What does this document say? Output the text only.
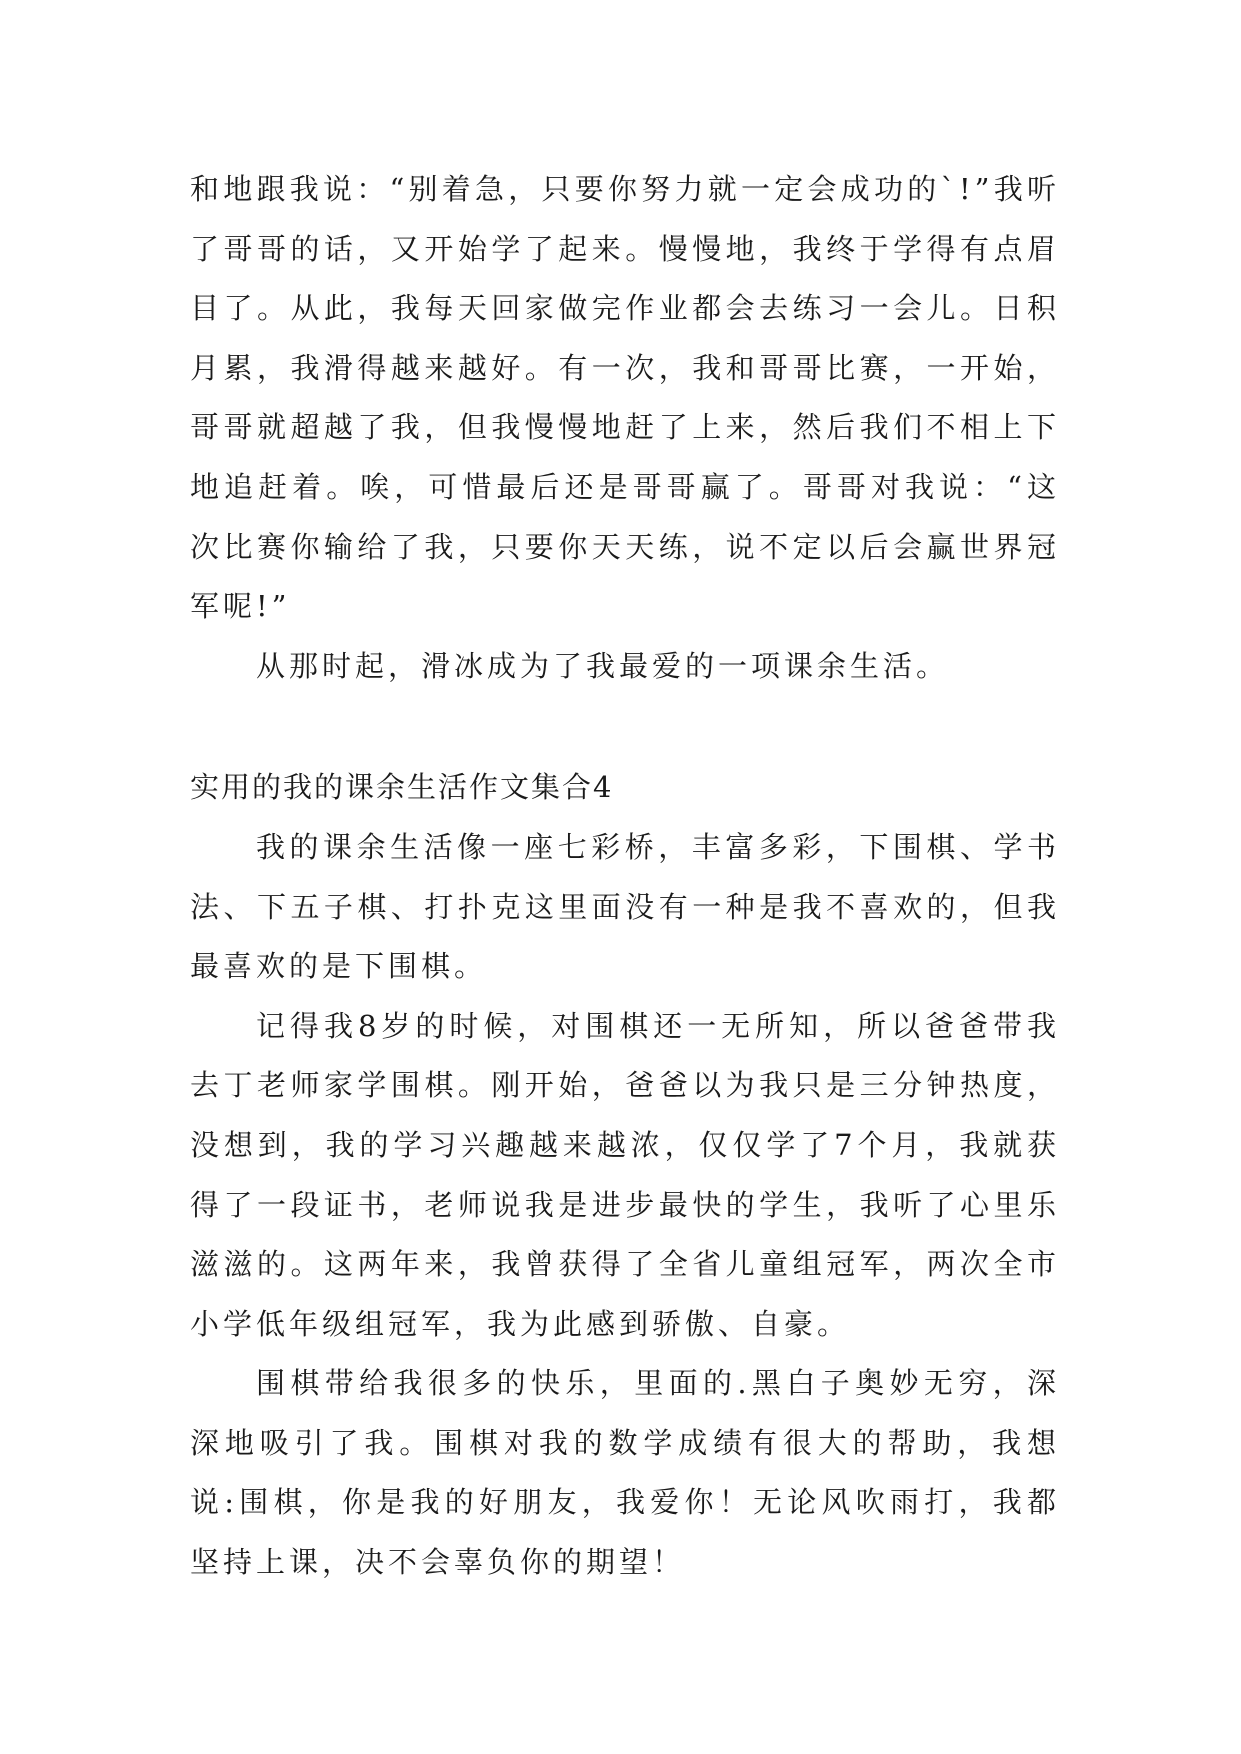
和地跟我说：“别着急，只要你努力就一定会成功的`!”我听了哥哥的话，又开始学了起来。慢慢地，我终于学得有点眉目了。从此，我每天回家做完作业都会去练习一会儿。日积月累，我滑得越来越好。有一次，我和哥哥比赛，一开始，哥哥就超越了我，但我慢慢地赶了上来，然后我们不相上下地追赶着。唉，可惜最后还是哥哥赢了。哥哥对我说：“这次比赛你输给了我，只要你天天练，说不定以后会赢世界冠军呢!”

从那时起，滑冰成为了我最爱的一项课余生活。

实用的我的课余生活作文集合4

我的课余生活像一座七彩桥，丰富多彩，下围棋、学书法、下五子棋、打扑克这里面没有一种是我不喜欢的，但我最喜欢的是下围棋。

记得我8岁的时候，对围棋还一无所知，所以爸爸带我去丁老师家学围棋。刚开始，爸爸以为我只是三分钟热度，没想到，我的学习兴趣越来越浓，仅仅学了7个月，我就获得了一段证书，老师说我是进步最快的学生，我听了心里乐滋滋的。这两年来，我曾获得了全省儿童组冠军，两次全市小学低年级组冠军，我为此感到骄傲、自豪。

围棋带给我很多的快乐，里面的.黑白子奥妙无穷，深深地吸引了我。围棋对我的数学成绩有很大的帮助，我想说:围棋，你是我的好朋友，我爱你！无论风吹雨打，我都坚持上课，决不会辜负你的期望！
